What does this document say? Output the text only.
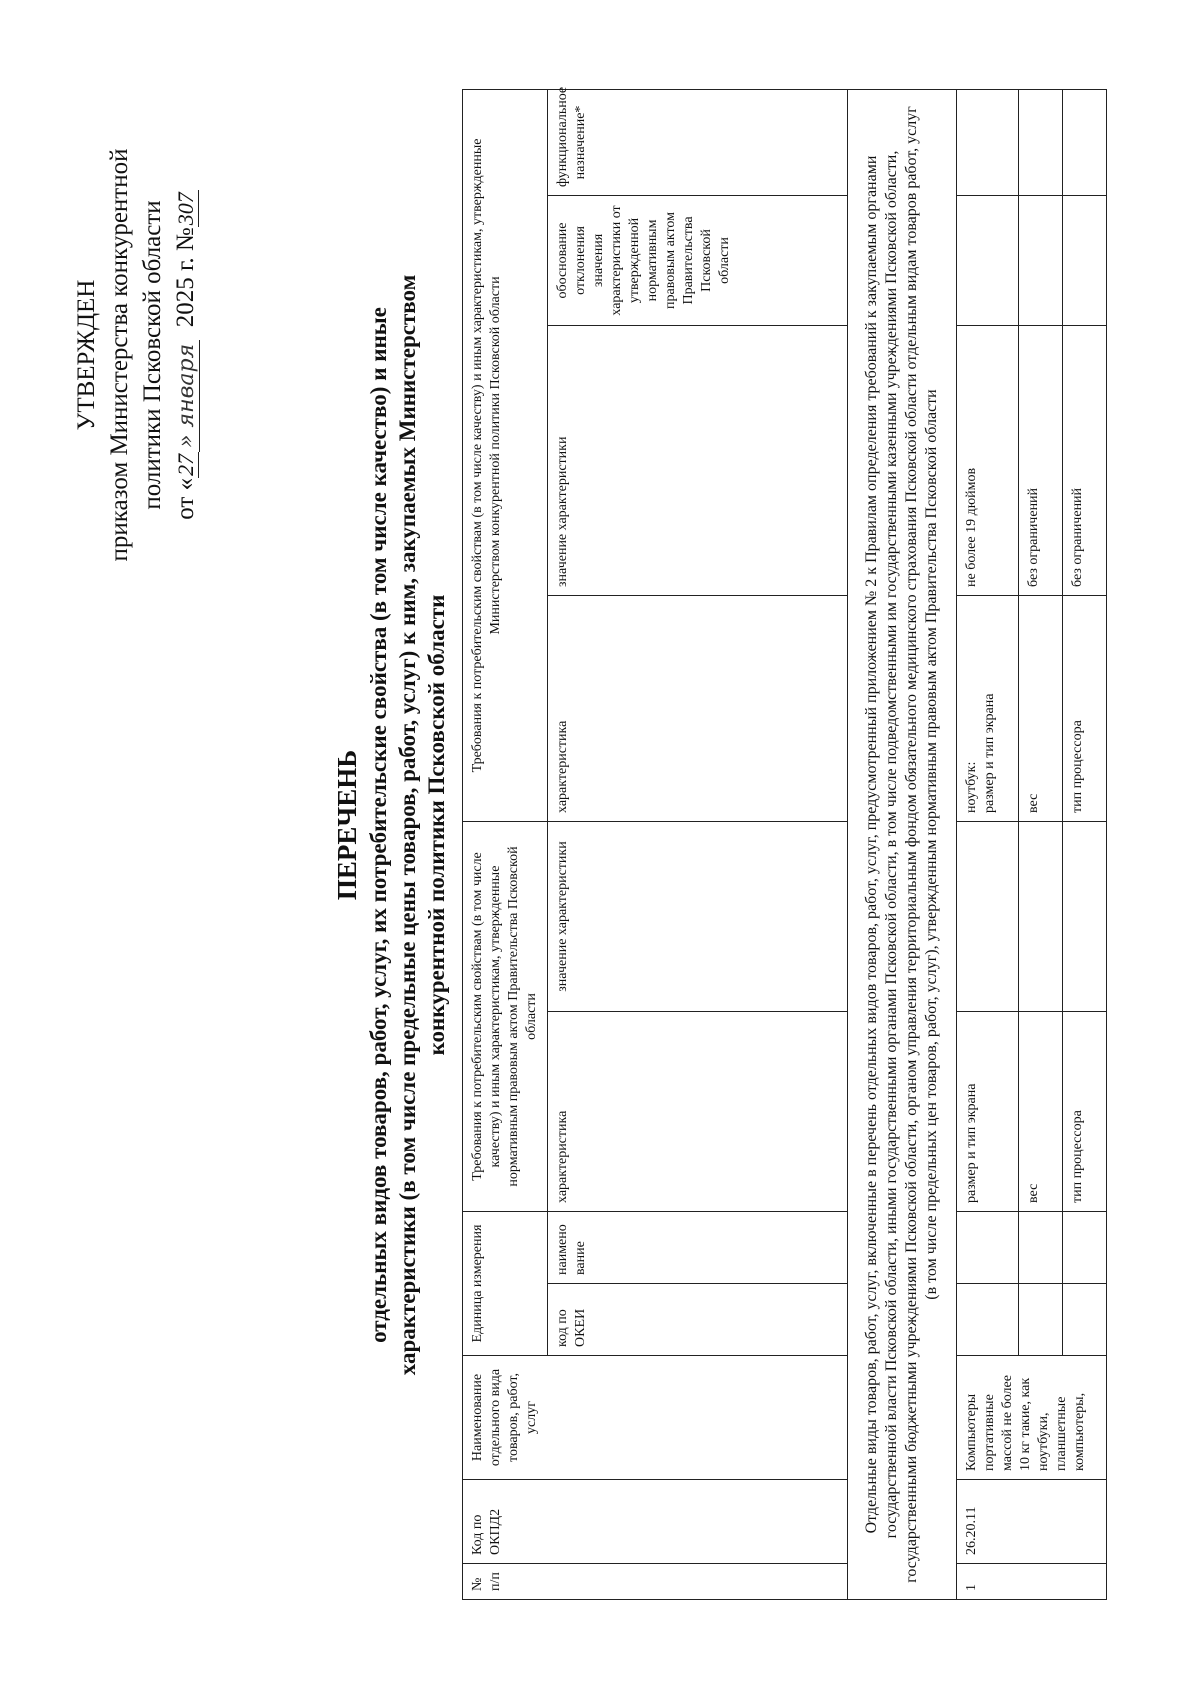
УТВЕРЖДЕН приказом Министерства конкурентной политики Псковской области от «27» января  2025 г. №307
ПЕРЕЧЕНЬ отдельных видов товаров, работ, услуг, их потребительские свойства (в том числе качество) и иные характеристики (в том числе предельные цены товаров, работ, услуг) к ним, закупаемых Министерством конкурентной политики Псковской области
№ п/п	Код по ОКПД2	Наименование отдельного вида товаров, работ, услуг	Единица измерения		Требования к потребительским свойствам (в том числе качеству) и иным характеристикам, утвержденные нормативным правовым актом Правительства Псковской области		Требования к потребительским свойствам (в том числе качеству) и иным характеристикам, утвержденные Министерством конкурентной политики Псковской области			
			код по ОКЕИ	наимено вание	характеристика	значение характеристики	характеристика	значение характеристики	обоснование отклонения значения характеристики от утвержденной нормативным правовым актом Правительства Псковской области	функциональное назначение*
Отдельные виды товаров, работ, услуг, включенные в перечень отдельных видов товаров, работ, услуг, предусмотренный приложением № 2 к Правилам определения требований к закупаемым органами государственной власти Псковской области, иными государственными органами Псковской области, в том числе подведомственными им государственными казенными учреждениями Псковской области, государственными бюджетными учреждениями Псковской области, органом управления территориальным фондом обязательного медицинского страхования Псковской области отдельным видам товаров работ, услуг (в том числе предельных цен товаров, работ, услуг), утвержденным нормативным правовым актом Правительства Псковской области										
1	26.20.11	Компьютеры портативные массой не более 10 кг такие, как ноутбуки, планшетные компьютеры,			размер и тип экрана		ноутбук: размер и тип экрана	не более 19 дюймов		
					вес		вес	без ограничений		
					тип процессора		тип процессора	без ограничений		
